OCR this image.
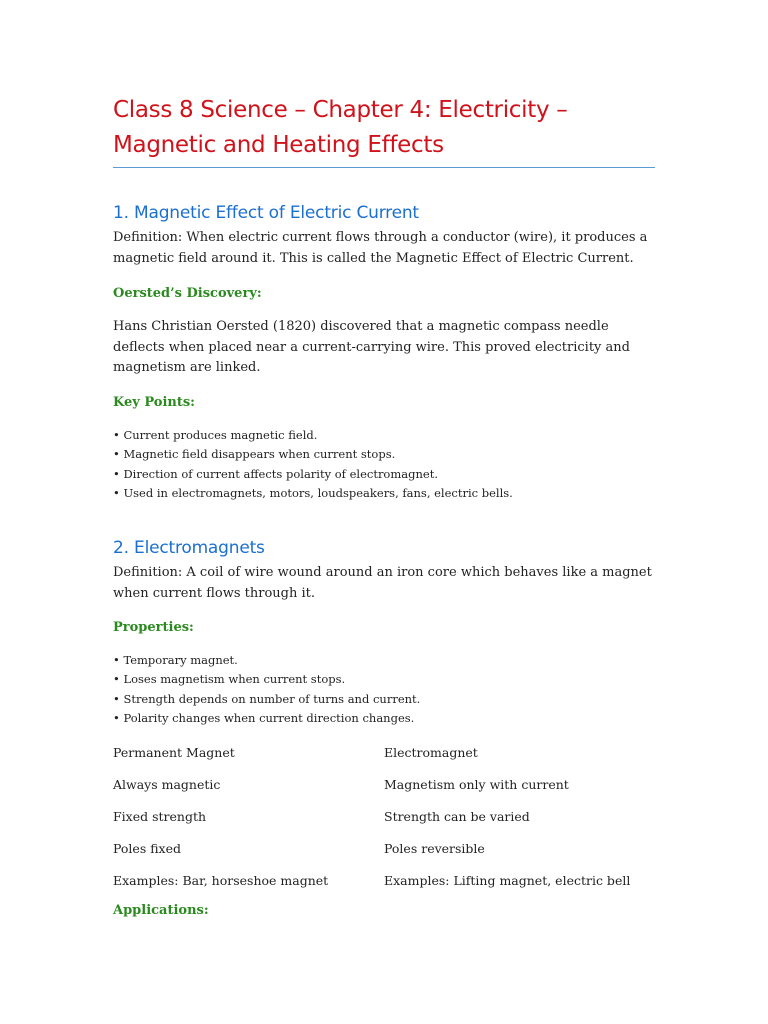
Class 8 Science – Chapter 4: Electricity – Magnetic and Heating Effects
1. Magnetic Effect of Electric Current

Definition: When electric current flows through a conductor (wire), it produces a magnetic field around it. This is called the Magnetic Effect of Electric Current.

Oersted’s Discovery:

Hans Christian Oersted (1820) discovered that a magnetic compass needle deflects when placed near a current-carrying wire. This proved electricity and magnetism are linked.

Key Points:
• Current produces magnetic field.
• Magnetic field disappears when current stops.
• Direction of current affects polarity of electromagnet.
• Used in electromagnets, motors, loudspeakers, fans, electric bells.
2. Electromagnets

Definition: A coil of wire wound around an iron core which behaves like a magnet when current flows through it.

Properties:
• Temporary magnet.
• Loses magnetism when current stops.
• Strength depends on number of turns and current.
• Polarity changes when current direction changes.
Permanent Magnet	Electromagnet
Always magnetic	Magnetism only with current
Fixed strength	Strength can be varied
Poles fixed	Poles reversible
Examples: Bar, horseshoe magnet	Examples: Lifting magnet, electric bell
Applications:
